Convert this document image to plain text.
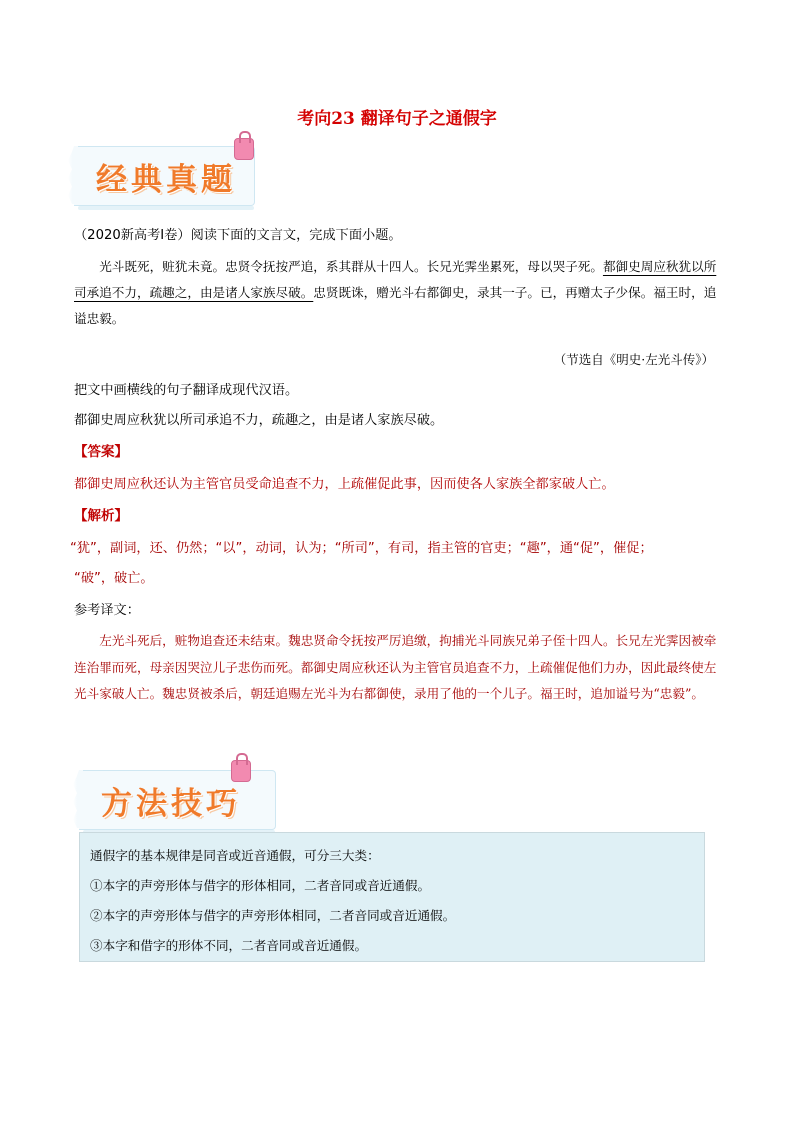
考向23 翻译句子之通假字
经典真题
（2020新高考Ⅰ卷）阅读下面的文言文，完成下面小题。
光斗既死，赃犹未竟。忠贤令抚按严追，系其群从十四人。长兄光霁坐累死，母以哭子死。都御史周应秋犹以所司承追不力，疏趣之，由是诸人家族尽破。忠贤既诛，赠光斗右都御史，录其一子。已，再赠太子少保。福王时，追谥忠毅。
（节选自《明史·左光斗传》）
把文中画横线的句子翻译成现代汉语。
都御史周应秋犹以所司承追不力，疏趣之，由是诸人家族尽破。
【答案】
都御史周应秋还认为主管官员受命追查不力，上疏催促此事，因而使各人家族全都家破人亡。
【解析】
“犹”，副词，还、仍然；“以”，动词，认为；“所司”，有司，指主管的官吏；“趣”，通“促”，催促；
“破”，破亡。
参考译文：
左光斗死后，赃物追查还未结束。魏忠贤命令抚按严厉追缴，拘捕光斗同族兄弟子侄十四人。长兄左光霁因被牵连治罪而死，母亲因哭泣儿子悲伤而死。都御史周应秋还认为主管官员追查不力，上疏催促他们力办，因此最终使左光斗家破人亡。魏忠贤被杀后，朝廷追赐左光斗为右都御使，录用了他的一个儿子。福王时，追加谥号为“忠毅”。
方法技巧
通假字的基本规律是同音或近音通假，可分三大类：
①本字的声旁形体与借字的形体相同，二者音同或音近通假。
②本字的声旁形体与借字的声旁形体相同，二者音同或音近通假。
③本字和借字的形体不同，二者音同或音近通假。
